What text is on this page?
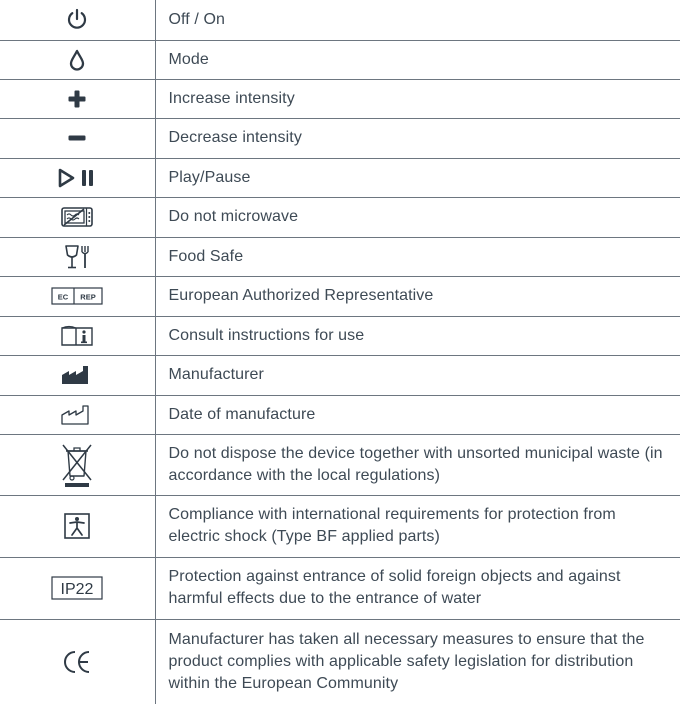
	Off / On

	Mode

	Increase intensity

	Decrease intensity

	Play/Pause

	Do not microwave

	Food Safe

EC REP	European Authorized Representative

	Consult instructions for use

	Manufacturer

	Date of manufacture

	Do not dispose the device together with unsorted municipal waste (in accordance with the local regulations)

	Compliance with international requirements for protection from electric shock (Type BF applied parts)

IP22	Protection against entrance of solid foreign objects and against harmful effects due to the entrance of water

	Manufacturer has taken all necessary measures to ensure that the product complies with applicable safety legislation for distribution within the European Community
